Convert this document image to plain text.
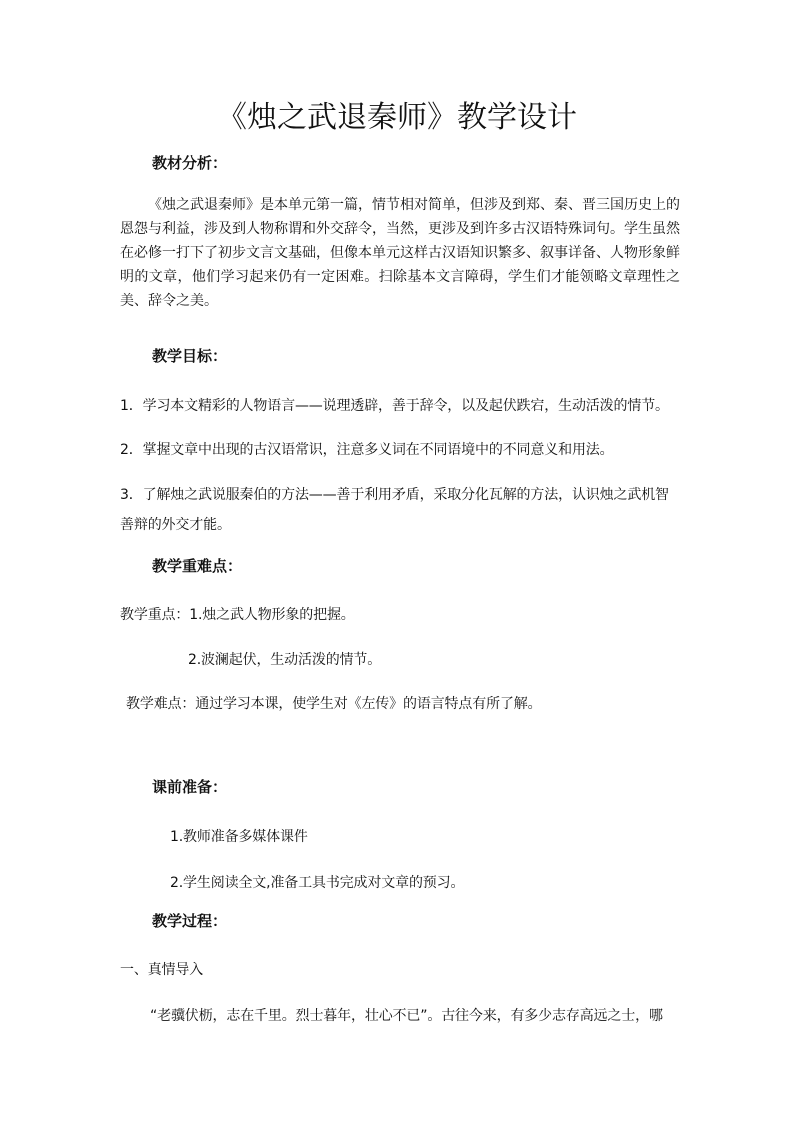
《烛之武退秦师》教学设计
教材分析：
《烛之武退秦师》是本单元第一篇，情节相对简单，但涉及到郑、秦、晋三国历史上的恩怨与利益，涉及到人物称谓和外交辞令，当然，更涉及到许多古汉语特殊词句。学生虽然在必修一打下了初步文言文基础，但像本单元这样古汉语知识繁多、叙事详备、人物形象鲜明的文章，他们学习起来仍有一定困难。扫除基本文言障碍，学生们才能领略文章理性之美、辞令之美。
教学目标：
1．学习本文精彩的人物语言——说理透辟，善于辞令，以及起伏跌宕，生动活泼的情节。
2．掌握文章中出现的古汉语常识，注意多义词在不同语境中的不同意义和用法。
3．了解烛之武说服秦伯的方法——善于利用矛盾，采取分化瓦解的方法，认识烛之武机智
善辩的外交才能。
教学重难点：
教学重点：1.烛之武人物形象的把握。
2.波澜起伏，生动活泼的情节。
教学难点：通过学习本课，使学生对《左传》的语言特点有所了解。
课前准备：
1.教师准备多媒体课件
2.学生阅读全文,准备工具书完成对文章的预习。
教学过程：
一、真情导入
“老骥伏枥，志在千里。烈士暮年，壮心不已”。古往今来，有多少志存高远之士，哪
